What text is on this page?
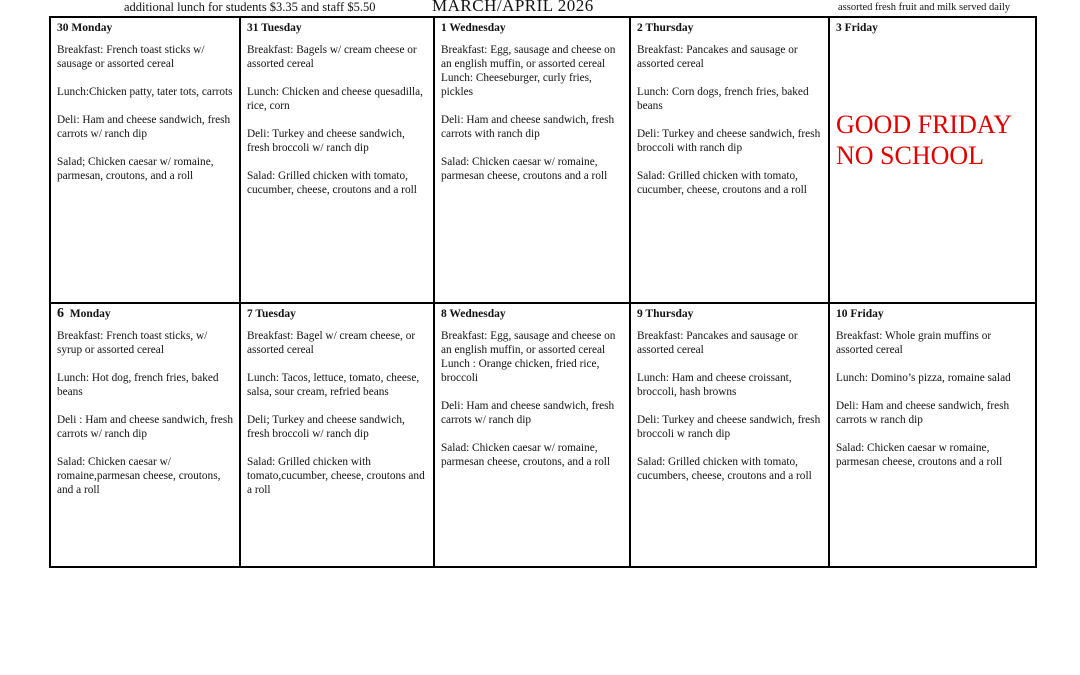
additional lunch for students $3.35 and staff $5.50	MARCH/APRIL 2026	assorted fresh fruit and milk served daily
30 Monday
Breakfast: French toast sticks w/ sausage or assorted cereal
Lunch:Chicken patty, tater tots, carrots
Deli: Ham and cheese sandwich, fresh carrots w/ ranch dip
Salad; Chicken caesar w/ romaine, parmesan, croutons, and a roll
31 Tuesday
Breakfast: Bagels w/ cream cheese or assorted cereal
Lunch: Chicken and cheese quesadilla, rice, corn
Deli: Turkey and cheese sandwich, fresh broccoli w/ ranch dip
Salad: Grilled chicken with tomato, cucumber, cheese, croutons and a roll
1 Wednesday
Breakfast: Egg, sausage and cheese on an english muffin, or assorted cereal
Lunch: Cheeseburger, curly fries, pickles
Deli: Ham and cheese sandwich, fresh carrots with ranch dip
Salad: Chicken caesar w/ romaine, parmesan cheese, croutons and a roll
2 Thursday
Breakfast: Pancakes and sausage or assorted cereal
Lunch: Corn dogs, french fries, baked beans
Deli: Turkey and cheese sandwich, fresh broccoli with ranch dip
Salad: Grilled chicken with tomato, cucumber, cheese, croutons and a roll
3 Friday
GOOD FRIDAY
NO SCHOOL
6 Monday
Breakfast: French toast sticks, w/ syrup or assorted cereal
Lunch: Hot dog, french fries, baked beans
Deli : Ham and cheese sandwich, fresh carrots w/ ranch dip
Salad: Chicken caesar w/ romaine,parmesan cheese, croutons, and a roll
7 Tuesday
Breakfast: Bagel w/ cream cheese, or assorted cereal
Lunch: Tacos, lettuce, tomato, cheese, salsa, sour cream, refried beans
Deli; Turkey and cheese sandwich, fresh broccoli w/ ranch dip
Salad: Grilled chicken with tomato,cucumber, cheese, croutons and a roll
8 Wednesday
Breakfast: Egg, sausage and cheese on an english muffin, or assorted cereal
Lunch : Orange chicken, fried rice, broccoli
Deli: Ham and cheese sandwich, fresh carrots w/ ranch dip
Salad: Chicken caesar w/ romaine, parmesan cheese, croutons, and a roll
9 Thursday
Breakfast: Pancakes and sausage or assorted cereal
Lunch: Ham and cheese croissant, broccoli, hash browns
Deli: Turkey and cheese sandwich, fresh broccoli w ranch dip
Salad: Grilled chicken with tomato, cucumbers, cheese, croutons and a roll
10 Friday
Breakfast: Whole grain muffins or assorted cereal
Lunch: Domino’s pizza, romaine salad
Deli: Ham and cheese sandwich, fresh carrots w ranch dip
Salad: Chicken caesar w romaine, parmesan cheese, croutons and a roll
